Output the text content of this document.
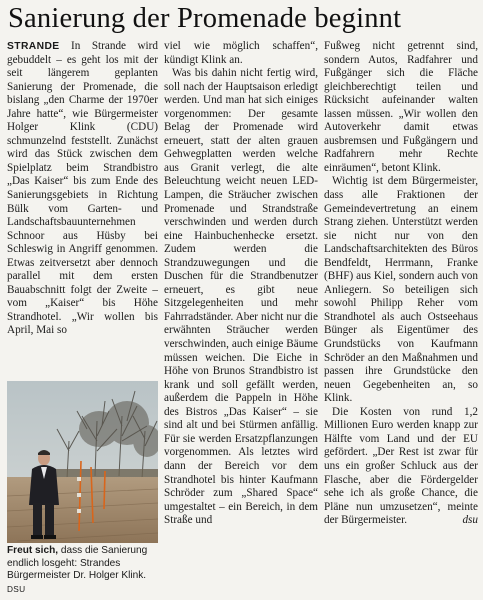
Sanierung der Promenade beginnt

STRANDE In Strande wird gebuddelt – es geht los mit der seit längerem geplanten Sanierung der Promenade, die bislang „den Charme der 1970er Jahre hatte“, wie Bürgermeister Holger Klink (CDU) schmunzelnd feststellt. Zunächst wird das Stück zwischen dem Spielplatz beim Strandbistro „Das Kaiser“ bis zum Ende des Sanierungsgebiets in Richtung Bülk vom Garten- und Landschaftsbauunternehmen Schnoor aus Hüsby bei Schleswig in Angriff genommen. Etwas zeitversetzt aber dennoch parallel mit dem ersten Bauabschnitt folgt der Zweite – vom „Kaiser“ bis Höhe Strandhotel. „Wir wollen bis April, Mai so

Freut sich, dass die Sanierung endlich losgeht: Strandes Bürgermeister Dr. Holger Klink. DSU

viel wie möglich schaffen“, kündigt Klink an.

Was bis dahin nicht fertig wird, soll nach der Hauptsaison erledigt werden. Und man hat sich einiges vorgenommen: Der gesamte Belag der Promenade wird erneuert, statt der alten grauen Gehwegplatten werden welche aus Granit verlegt, die alte Beleuchtung weicht neuen LED-Lampen, die Sträucher zwischen Promenade und Strandstraße verschwinden und werden durch eine Hainbuchenhecke ersetzt. Zudem werden die Strandzuwegungen und die Duschen für die Strandbenutzer erneuert, es gibt neue Sitzgelegenheiten und mehr Fahrradständer. Aber nicht nur die erwähnten Sträucher werden verschwinden, auch einige Bäume müssen weichen. Die Eiche in Höhe von Brunos Strandbistro ist krank und soll gefällt werden, außerdem die Pappeln in Höhe des Bistros „Das Kaiser“ – sie sind alt und bei Stürmen anfällig. Für sie werden Ersatzpflanzungen vorgenommen. Als letztes wird dann der Bereich vor dem Strandhotel bis hinter Kaufmann Schröder zum „Shared Space“ umgestaltet – ein Bereich, in dem Straße und

Fußweg nicht getrennt sind, sondern Autos, Radfahrer und Fußgänger sich die Fläche gleichberechtigt teilen und Rücksicht aufeinander walten lassen müssen. „Wir wollen den Autoverkehr damit etwas ausbremsen und Fußgängern und Radfahrern mehr Rechte einräumen“, betont Klink.

Wichtig ist dem Bürgermeister, dass alle Fraktionen der Gemeindevertretung an einem Strang ziehen. Unterstützt werden sie nicht nur von den Landschaftsarchitekten des Büros Bendfeldt, Herrmann, Franke (BHF) aus Kiel, sondern auch von Anliegern. So beteiligen sich sowohl Philipp Reher vom Strandhotel als auch Ostseehaus Bünger als Eigentümer des Grundstücks von Kaufmann Schröder an den Maßnahmen und passen ihre Grundstücke den neuen Gegebenheiten an, so Klink.

Die Kosten von rund 1,2 Millionen Euro werden knapp zur Hälfte vom Land und der EU gefördert. „Der Rest ist zwar für uns ein großer Schluck aus der Flasche, aber die Fördergelder sehe ich als große Chance, die Pläne nun umzusetzen“, meinte der Bürgermeister.	dsu
